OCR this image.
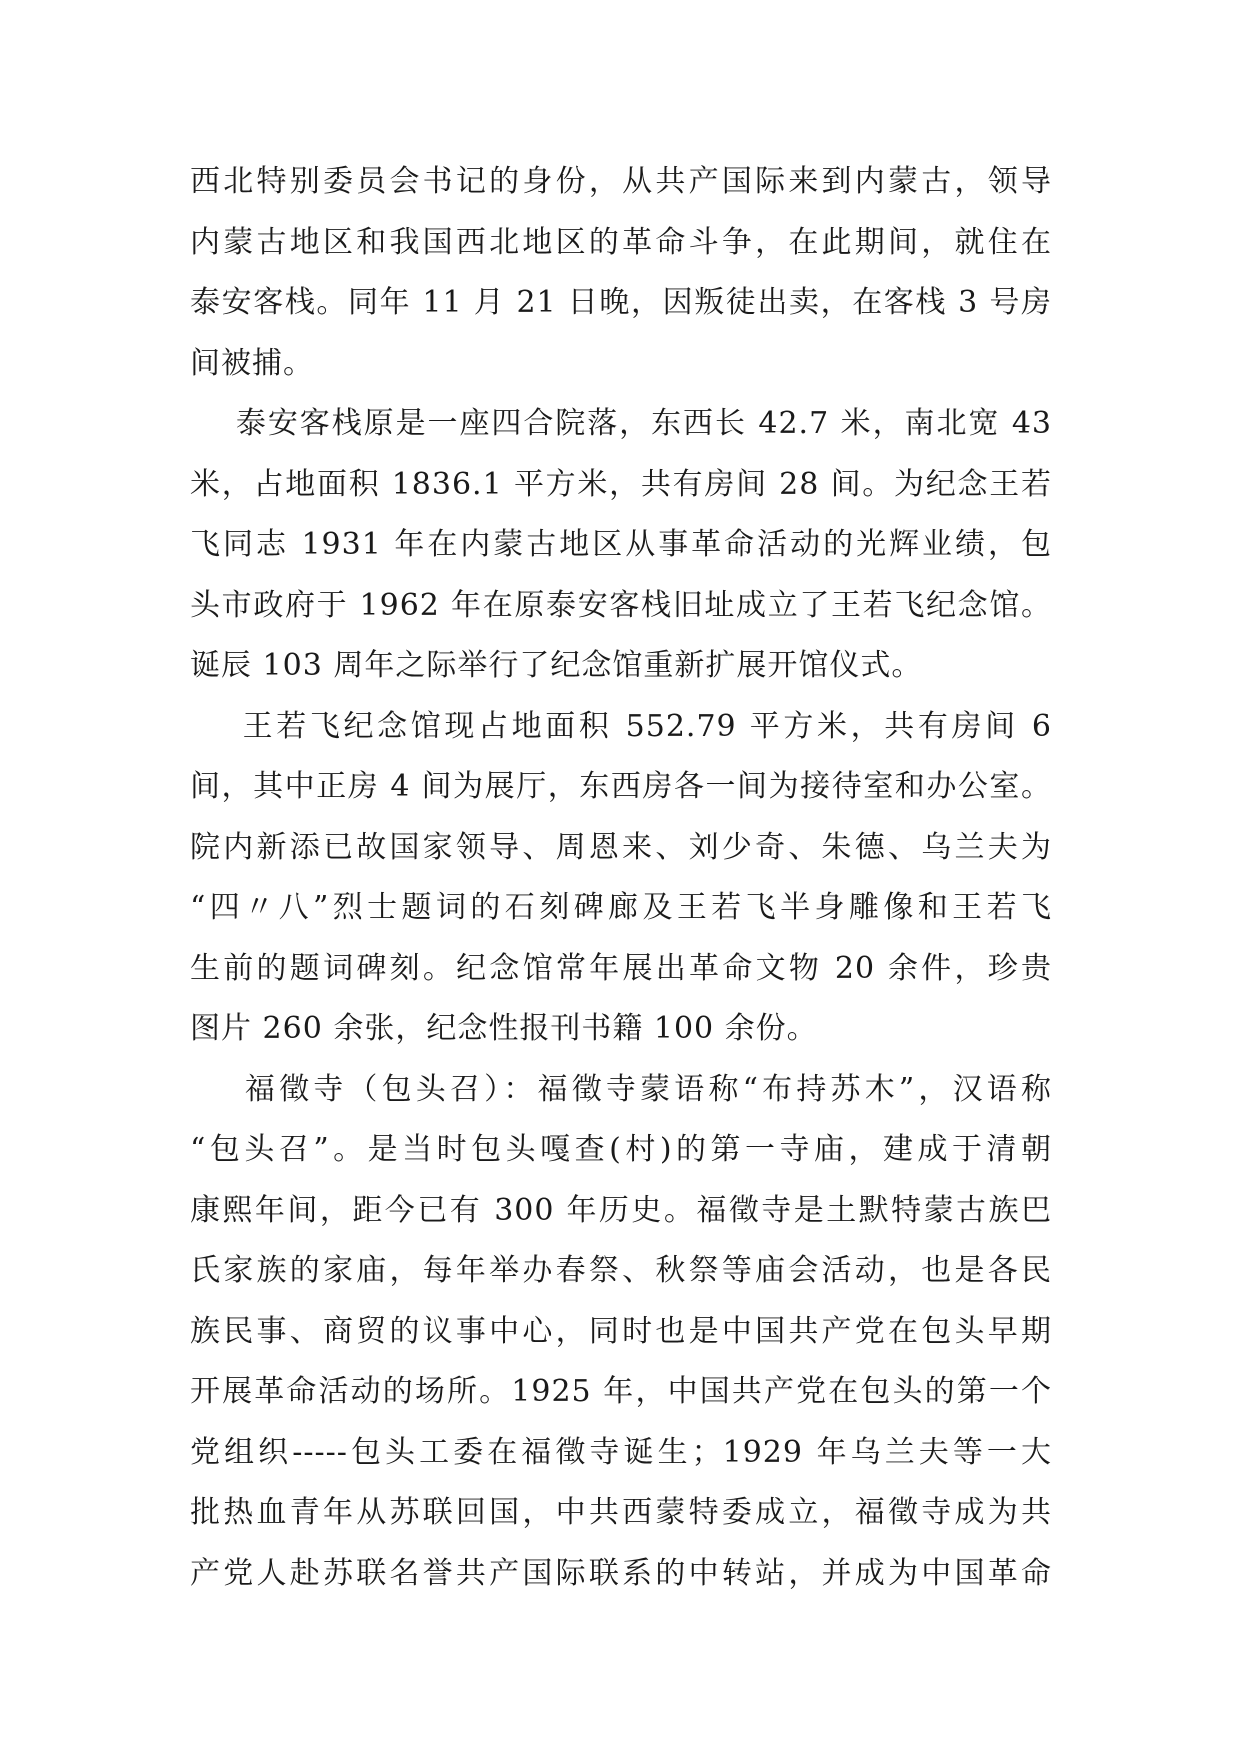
西北特别委员会书记的身份，从共产国际来到内蒙古，领导
内蒙古地区和我国西北地区的革命斗争，在此期间，就住在
泰安客栈。同年 11 月 21 日晚，因叛徒出卖，在客栈 3 号房
间被捕。
泰安客栈原是一座四合院落，东西长 42.7 米，南北宽 43
米，占地面积 1836.1 平方米，共有房间 28 间。为纪念王若
飞同志 1931 年在内蒙古地区从事革命活动的光辉业绩，包
头市政府于 1962 年在原泰安客栈旧址成立了王若飞纪念馆。
诞辰 103 周年之际举行了纪念馆重新扩展开馆仪式。
王若飞纪念馆现占地面积 552.79 平方米，共有房间 6
间，其中正房 4 间为展厅，东西房各一间为接待室和办公室。
院内新添已故国家领导、周恩来、刘少奇、朱德、乌兰夫为
“四〃八”烈士题词的石刻碑廊及王若飞半身雕像和王若飞
生前的题词碑刻。纪念馆常年展出革命文物 20 余件，珍贵
图片 260 余张，纪念性报刊书籍 100 余份。
福徵寺（包头召）：福徵寺蒙语称“布持苏木”，汉语称
“包头召”。是当时包头嘎查(村)的第一寺庙，建成于清朝
康熙年间，距今已有 300 年历史。福徵寺是土默特蒙古族巴
氏家族的家庙，每年举办春祭、秋祭等庙会活动，也是各民
族民事、商贸的议事中心，同时也是中国共产党在包头早期
开展革命活动的场所。1925 年，中国共产党在包头的第一个
党组织-----包头工委在福徵寺诞生；1929 年乌兰夫等一大
批热血青年从苏联回国，中共西蒙特委成立，福徵寺成为共
产党人赴苏联名誉共产国际联系的中转站，并成为中国革命
